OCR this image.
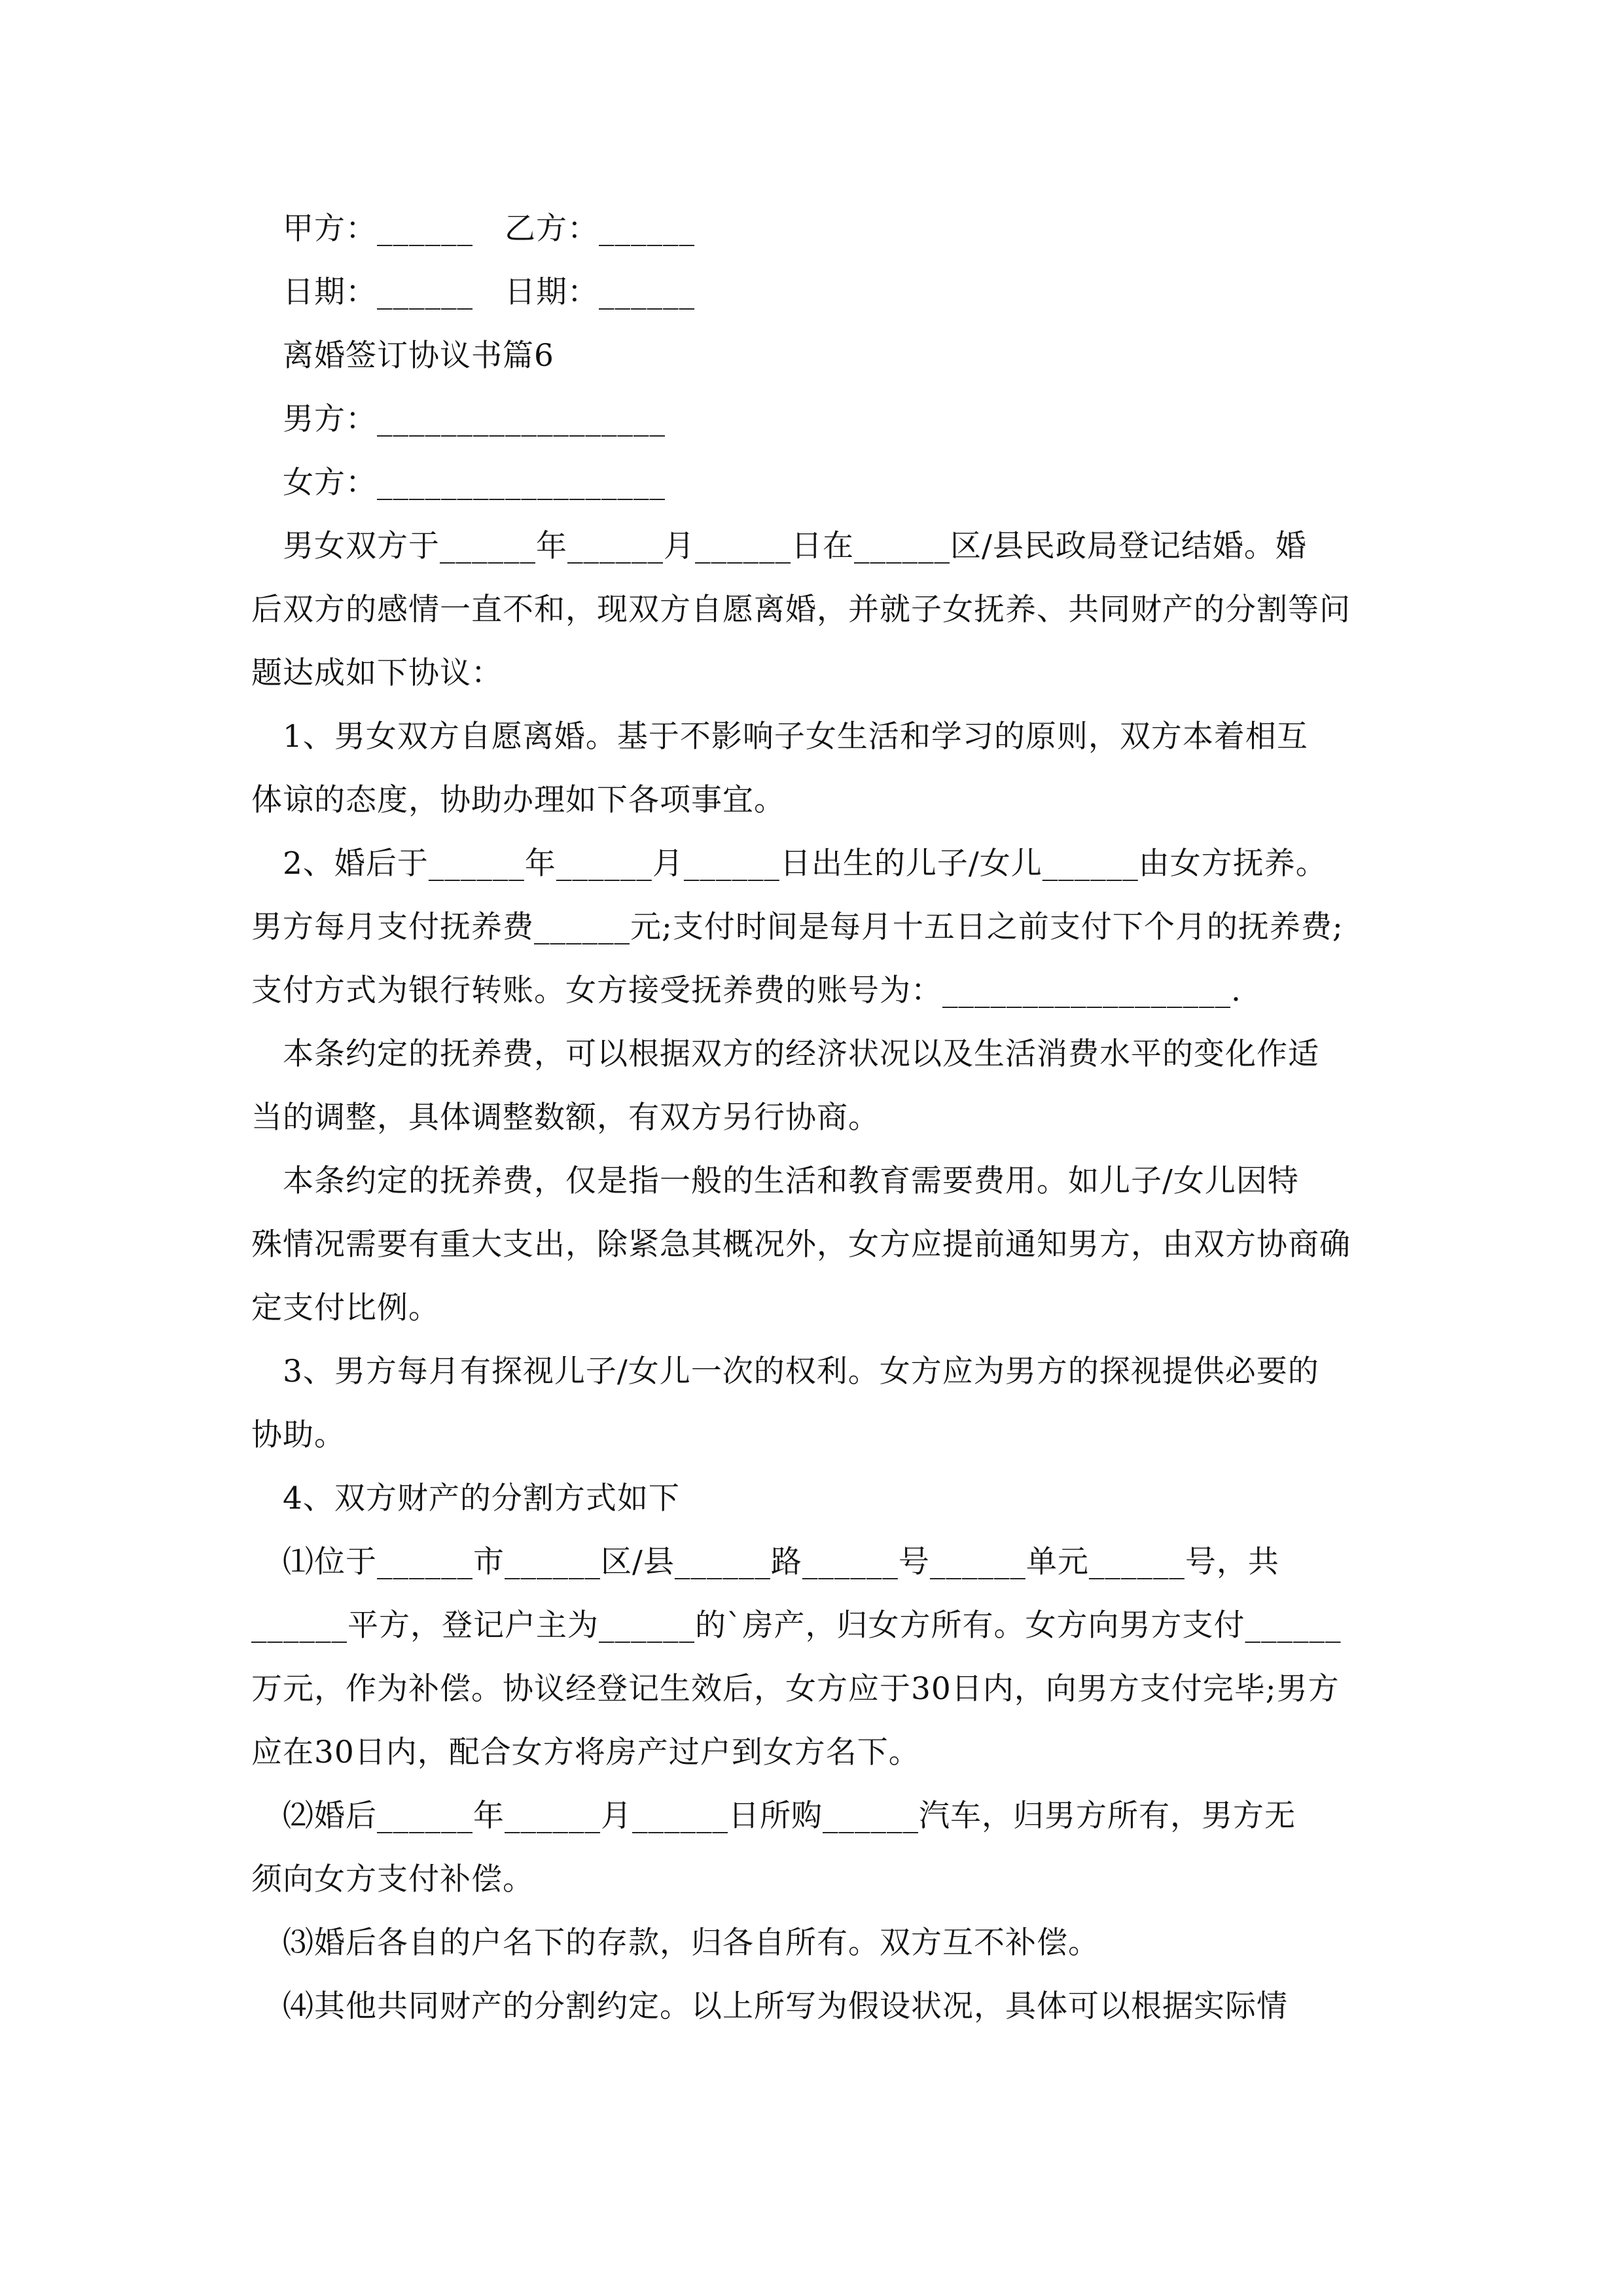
　甲方：______　乙方：______
　日期：______　日期：______
　离婚签订协议书篇6
　男方：__________________
　女方：__________________
　男女双方于______年______月______日在______区/县民政局登记结婚。婚
后双方的感情一直不和，现双方自愿离婚，并就子女抚养、共同财产的分割等问
题达成如下协议：
　1、男女双方自愿离婚。基于不影响子女生活和学习的原则，双方本着相互
体谅的态度，协助办理如下各项事宜。
　2、婚后于______年______月______日出生的儿子/女儿______由女方抚养。
男方每月支付抚养费______元;支付时间是每月十五日之前支付下个月的抚养费;
支付方式为银行转账。女方接受抚养费的账号为：__________________.
　本条约定的抚养费，可以根据双方的经济状况以及生活消费水平的变化作适
当的调整，具体调整数额，有双方另行协商。
　本条约定的抚养费，仅是指一般的生活和教育需要费用。如儿子/女儿因特
殊情况需要有重大支出，除紧急其概况外，女方应提前通知男方，由双方协商确
定支付比例。
　3、男方每月有探视儿子/女儿一次的权利。女方应为男方的探视提供必要的
协助。
　4、双方财产的分割方式如下
　⑴位于______市______区/县______路______号______单元______号，共
______平方，登记户主为______的`房产，归女方所有。女方向男方支付______
万元，作为补偿。协议经登记生效后，女方应于30日内，向男方支付完毕;男方
应在30日内，配合女方将房产过户到女方名下。
　⑵婚后______年______月______日所购______汽车，归男方所有，男方无
须向女方支付补偿。
　⑶婚后各自的户名下的存款，归各自所有。双方互不补偿。
　⑷其他共同财产的分割约定。以上所写为假设状况，具体可以根据实际情
